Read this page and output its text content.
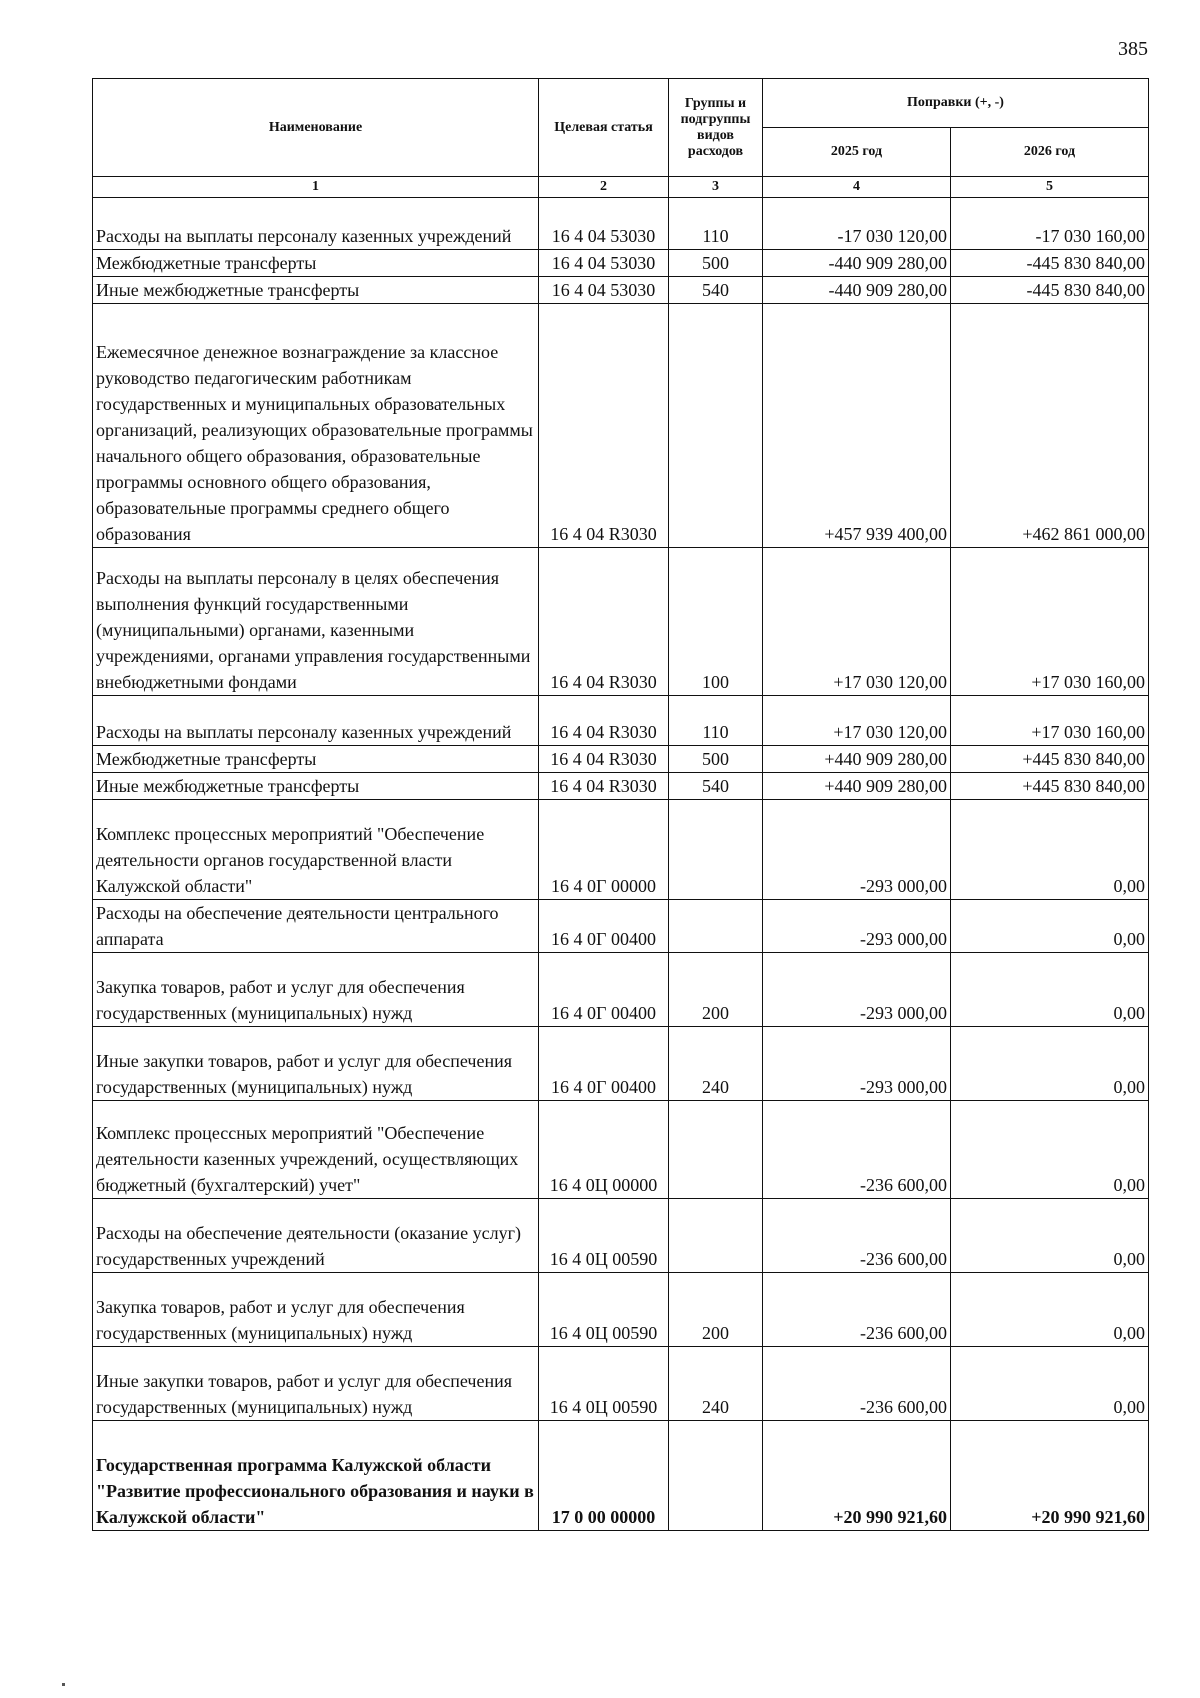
385
Наименование	Целевая статья	Группы и подгруппы видов расходов	Поправки (+, -)	
			2025 год	2026 год
1	2	3	4	5
Расходы на выплаты персоналу казенных учреждений	16 4 04 53030	110	-17 030 120,00	-17 030 160,00
Межбюджетные трансферты	16 4 04 53030	500	-440 909 280,00	-445 830 840,00
Иные межбюджетные трансферты	16 4 04 53030	540	-440 909 280,00	-445 830 840,00
Ежемесячное денежное вознаграждение за классное руководство педагогическим работникам государственных и муниципальных образовательных организаций, реализующих образовательные программы начального общего образования, образовательные программы основного общего образования, образовательные программы среднего общего образования	16 4 04 R3030		+457 939 400,00	+462 861 000,00
Расходы на выплаты персоналу в целях обеспечения выполнения функций государственными (муниципальными) органами, казенными учреждениями, органами управления государственными внебюджетными фондами	16 4 04 R3030	100	+17 030 120,00	+17 030 160,00
Расходы на выплаты персоналу казенных учреждений	16 4 04 R3030	110	+17 030 120,00	+17 030 160,00
Межбюджетные трансферты	16 4 04 R3030	500	+440 909 280,00	+445 830 840,00
Иные межбюджетные трансферты	16 4 04 R3030	540	+440 909 280,00	+445 830 840,00
Комплекс процессных мероприятий "Обеспечение деятельности органов государственной власти Калужской области"	16 4 0Г 00000		-293 000,00	0,00
Расходы на обеспечение деятельности центрального аппарата	16 4 0Г 00400		-293 000,00	0,00
Закупка товаров, работ и услуг для обеспечения государственных (муниципальных) нужд	16 4 0Г 00400	200	-293 000,00	0,00
Иные закупки товаров, работ и услуг для обеспечения государственных (муниципальных) нужд	16 4 0Г 00400	240	-293 000,00	0,00
Комплекс процессных мероприятий "Обеспечение деятельности казенных учреждений, осуществляющих бюджетный (бухгалтерский) учет"	16 4 0Ц 00000		-236 600,00	0,00
Расходы на обеспечение деятельности (оказание услуг) государственных учреждений	16 4 0Ц 00590		-236 600,00	0,00
Закупка товаров, работ и услуг для обеспечения государственных (муниципальных) нужд	16 4 0Ц 00590	200	-236 600,00	0,00
Иные закупки товаров, работ и услуг для обеспечения государственных (муниципальных) нужд	16 4 0Ц 00590	240	-236 600,00	0,00
Государственная программа Калужской области "Развитие профессионального образования и науки в Калужской области"	17 0 00 00000		+20 990 921,60	+20 990 921,60
